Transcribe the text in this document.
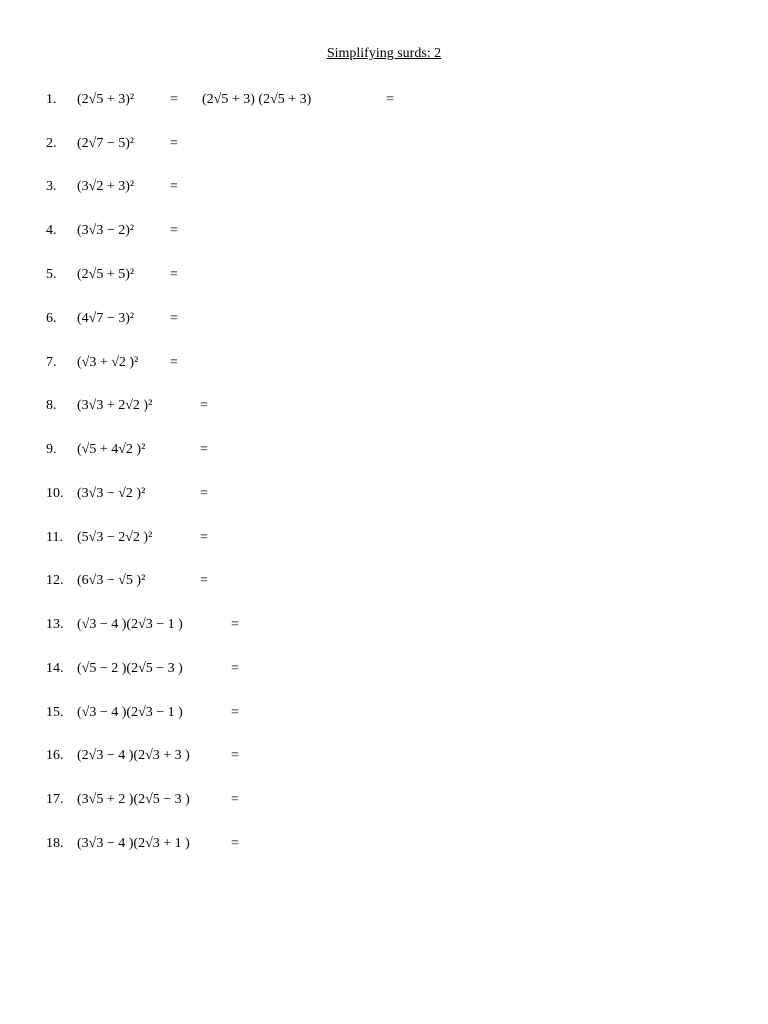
Simplifying surds: 2
1. (2√5 + 3)²	= (2√5 + 3) (2√5 + 3)	=
2. (2√7 − 5)²	=
3. (3√2 + 3)²	=
4. (3√3 − 2)²	=
5. (2√5 + 5)²	=
6. (4√7 − 3)²	=
7. (√3 + √2 )² =
8. (3√3 + 2√2 )²	=
9. (√5 + 4√2 )²	=
10. (3√3 − √2 )²	=
11. (5√3 − 2√2 )²	=
12. (6√3 − √5 )²	=
13. (√3 − 4 )(2√3 − 1 )	=
14. (√5 − 2 )(2√5 − 3 )	=
15. (√3 − 4 )(2√3 − 1 )	=
16. (2√3 − 4 )(2√3 + 3 )	=
17. (3√5 + 2 )(2√5 − 3 )	=
18. (3√3 − 4 )(2√3 + 1 )	=
